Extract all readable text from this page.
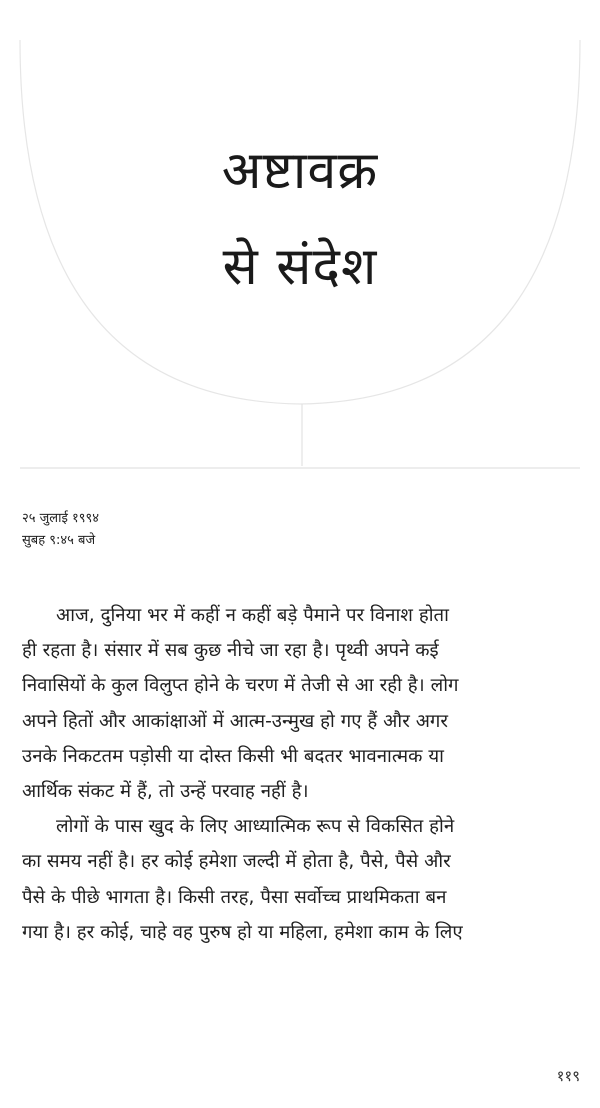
अष्टावक्र
से संदेश
२५ जुलाई १९९४
सुबह ९:४५ बजे
आज, दुनिया भर में कहीं न कहीं बड़े पैमाने पर विनाश होता
ही रहता है। संसार में सब कुछ नीचे जा रहा है। पृथ्वी अपने कई
निवासियों के कुल विलुप्त होने के चरण में तेजी से आ रही है। लोग
अपने हितों और आकांक्षाओं में आत्म-उन्मुख हो गए हैं और अगर
उनके निकटतम पड़ोसी या दोस्त किसी भी बदतर भावनात्मक या
आर्थिक संकट में हैं, तो उन्हें परवाह नहीं है।
लोगों के पास खुद के लिए आध्यात्मिक रूप से विकसित होने
का समय नहीं है। हर कोई हमेशा जल्दी में होता है, पैसे, पैसे और
पैसे के पीछे भागता है। किसी तरह, पैसा सर्वोच्च प्राथमिकता बन
गया है। हर कोई, चाहे वह पुरुष हो या महिला, हमेशा काम के लिए
११९
